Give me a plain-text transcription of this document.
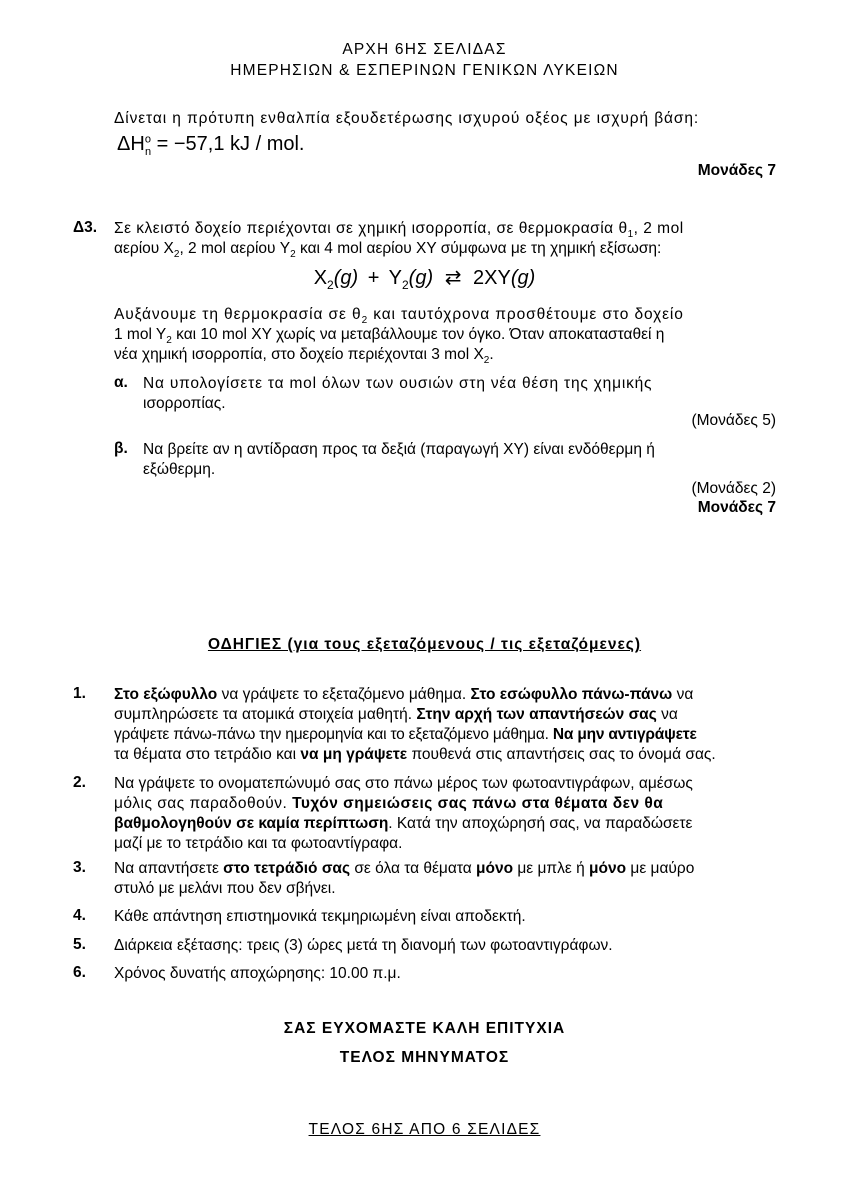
ΑΡΧΗ 6ΗΣ ΣΕΛΙΔΑΣ
ΗΜΕΡΗΣΙΩΝ & ΕΣΠΕΡΙΝΩΝ ΓΕΝΙΚΩΝ ΛΥΚΕΙΩΝ
Δίνεται η πρότυπη ενθαλπία εξουδετέρωσης ισχυρού οξέος με ισχυρή βάση:
$\Delta H^o_n = -57,1$ kJ / mol.
Μονάδες 7
Δ3. Σε κλειστό δοχείο περιέχονται σε χημική ισορροπία, σε θερμοκρασία $\theta_1$, 2 mol
αερίου $X_2$, 2 mol αερίου $Y_2$ και 4 mol αερίου XY σύμφωνα με τη χημική εξίσωση:
$X_2(g) + Y_2(g)$ ⇄ 2XY(g)
Αυξάνουμε τη θερμοκρασία σε $\theta_2$ και ταυτόχρονα προσθέτουμε στο δοχείο
1 mol $Y_2$ και 10 mol XY χωρίς να μεταβάλλουμε τον όγκο. Όταν αποκατασταθεί η
νέα χημική ισορροπία, στο δοχείο περιέχονται 3 mol $X_2$.
α. Να υπολογίσετε τα mol όλων των ουσιών στη νέα θέση της χημικής
ισορροπίας.
(Μονάδες 5)
β. Να βρείτε αν η αντίδραση προς τα δεξιά (παραγωγή XY) είναι ενδόθερμη ή
εξώθερμη.
(Μονάδες 2)
Μονάδες 7
ΟΔΗΓΙΕΣ (για τους εξεταζόμενους / τις εξεταζόμενες)
1. Στο εξώφυλλο να γράψετε το εξεταζόμενο μάθημα. Στο εσώφυλλο πάνω-πάνω να
συμπληρώσετε τα ατομικά στοιχεία μαθητή. Στην αρχή των απαντήσεών σας να
γράψετε πάνω-πάνω την ημερομηνία και το εξεταζόμενο μάθημα. Να μην αντιγράψετε
τα θέματα στο τετράδιο και να μη γράψετε πουθενά στις απαντήσεις σας το όνομά σας.
2. Να γράψετε το ονοματεπώνυμό σας στο πάνω μέρος των φωτοαντιγράφων, αμέσως
μόλις σας παραδοθούν. Τυχόν σημειώσεις σας πάνω στα θέματα δεν θα
βαθμολογηθούν σε καμία περίπτωση. Κατά την αποχώρησή σας, να παραδώσετε
μαζί με το τετράδιο και τα φωτοαντίγραφα.
3. Να απαντήσετε στο τετράδιό σας σε όλα τα θέματα μόνο με μπλε ή μόνο με μαύρο
στυλό με μελάνι που δεν σβήνει.
4. Κάθε απάντηση επιστημονικά τεκμηριωμένη είναι αποδεκτή.
5. Διάρκεια εξέτασης: τρεις (3) ώρες μετά τη διανομή των φωτοαντιγράφων.
6. Χρόνος δυνατής αποχώρησης: 10.00 π.μ.
ΣΑΣ ΕΥΧΟΜΑΣΤΕ ΚΑΛΗ ΕΠΙΤΥΧΙΑ
ΤΕΛΟΣ ΜΗΝΥΜΑΤΟΣ
ΤΕΛΟΣ 6ΗΣ ΑΠΟ 6 ΣΕΛΙΔΕΣ
